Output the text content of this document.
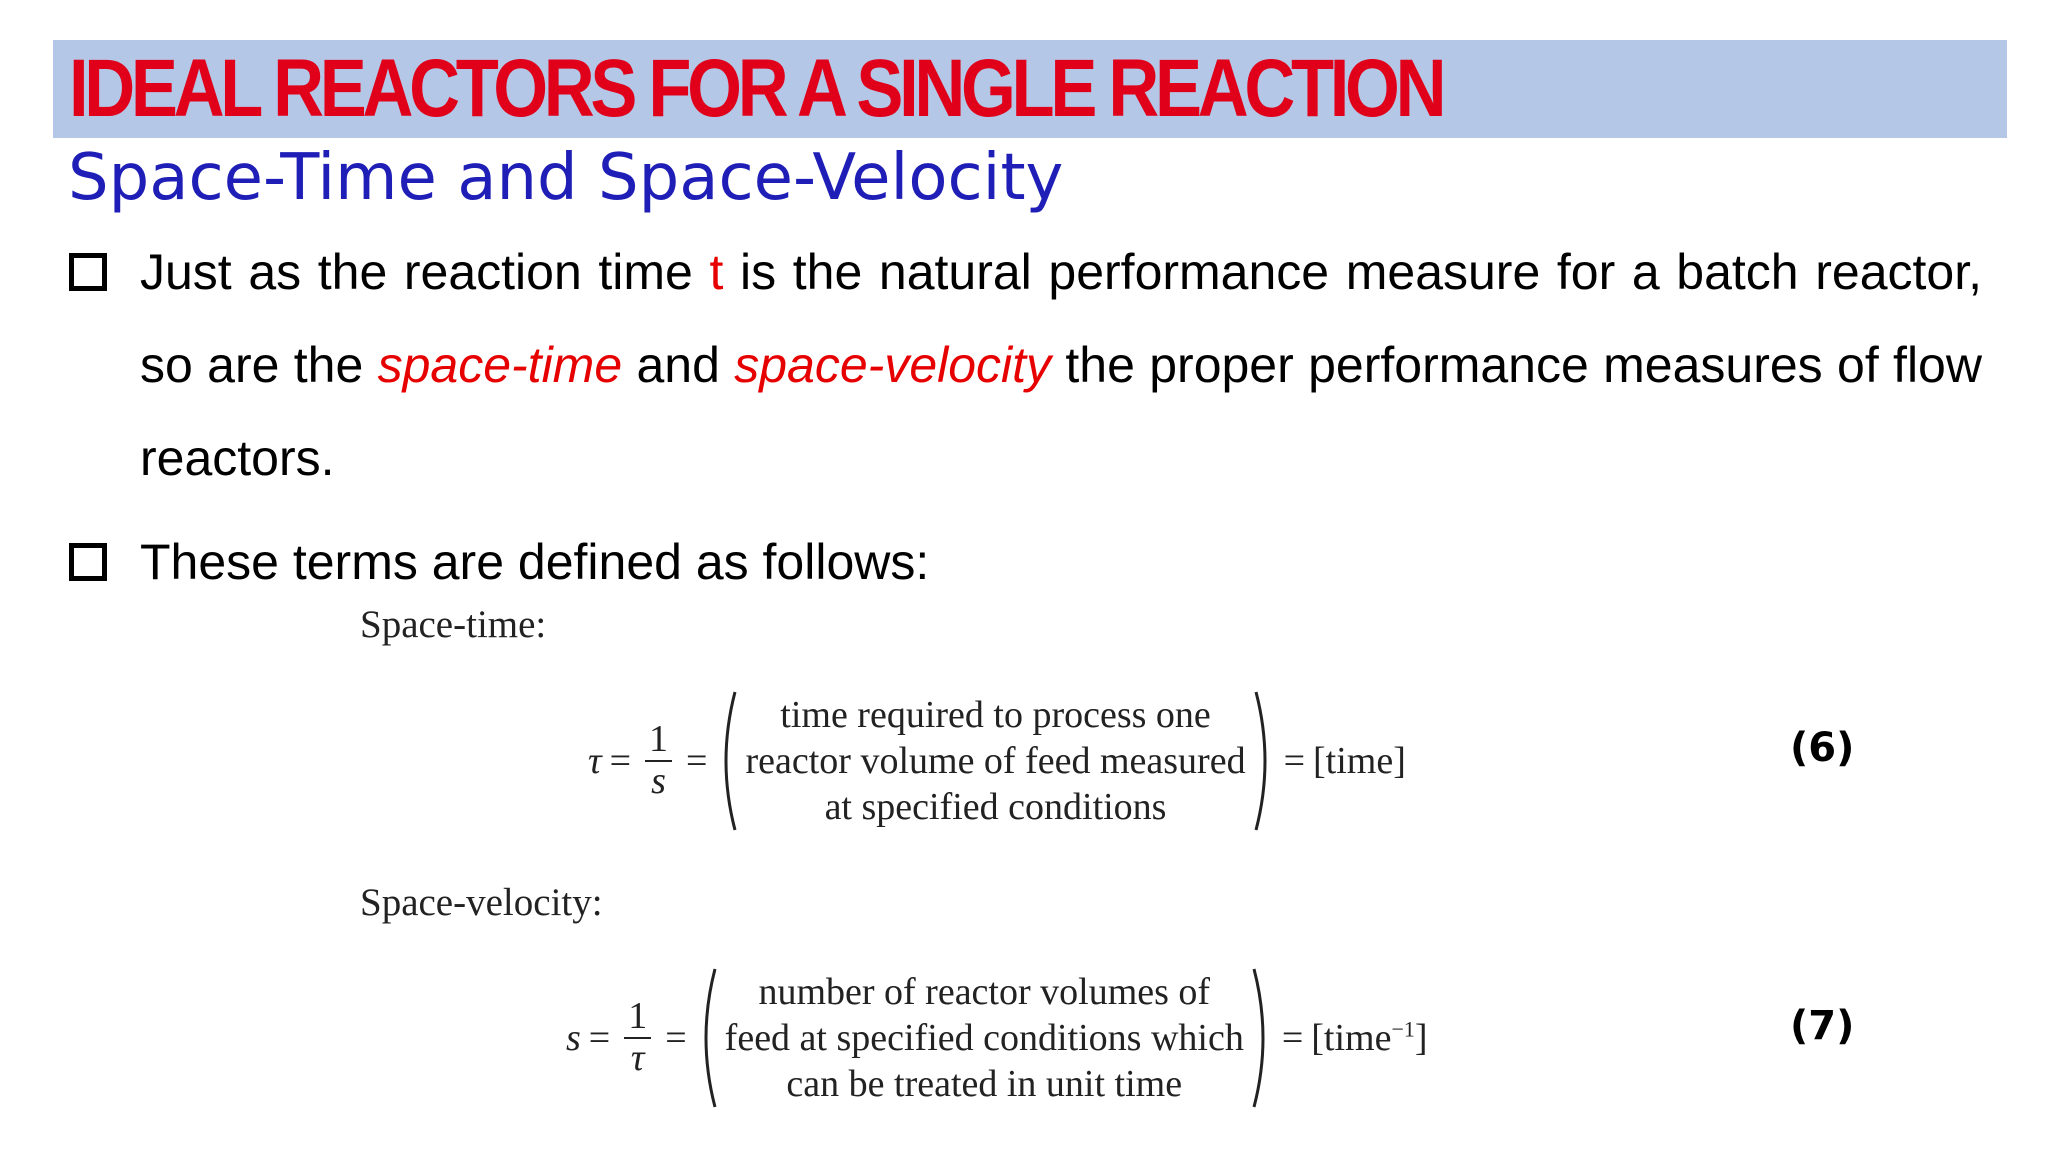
IDEAL REACTORS FOR A SINGLE REACTION
Space-Time and Space-Velocity
Just as the reaction time t is the natural performance measure for a batch reactor, so are the space-time and space-velocity the proper performance measures of flow reactors.
These terms are defined as follows:
Space-time:
$\tau = \frac{1}{s}$ =
time required to process one
reactor volume of feed measured
at specified conditions
= [time]	(6)
Space-velocity:
$s = \frac{1}{\tau}$ =
number of reactor volumes of
feed at specified conditions which
can be treated in unit time
= [time$^{-1}$]	(7)
